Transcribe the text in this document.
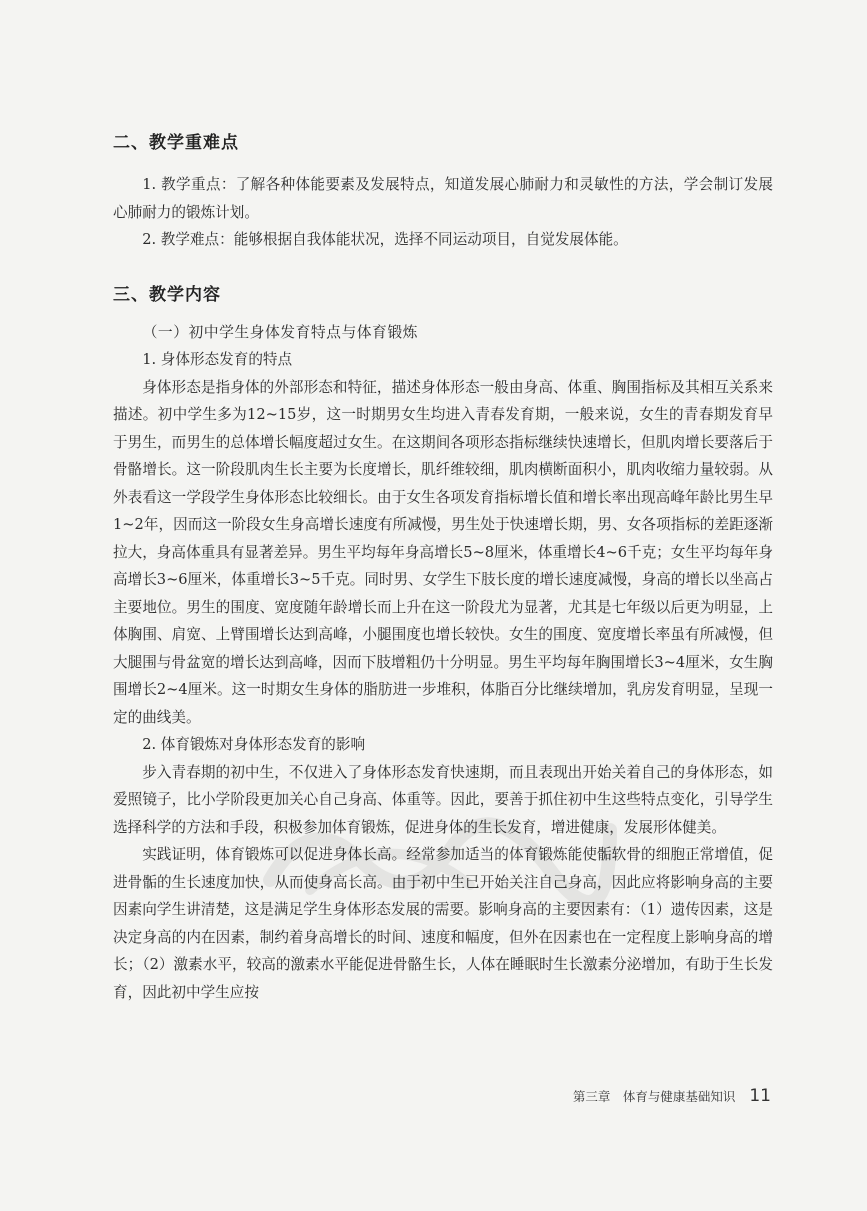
二、教学重难点

1. 教学重点：了解各种体能要素及发展特点，知道发展心肺耐力和灵敏性的方法，学会制订发展心肺耐力的锻炼计划。

2. 教学难点：能够根据自我体能状况，选择不同运动项目，自觉发展体能。

三、教学内容

（一）初中学生身体发育特点与体育锻炼

1. 身体形态发育的特点

身体形态是指身体的外部形态和特征，描述身体形态一般由身高、体重、胸围指标及其相互关系来描述。初中学生多为12~15岁，这一时期男女生均进入青春发育期，一般来说，女生的青春期发育早于男生，而男生的总体增长幅度超过女生。在这期间各项形态指标继续快速增长，但肌肉增长要落后于骨骼增长。这一阶段肌肉生长主要为长度增长，肌纤维较细，肌肉横断面积小，肌肉收缩力量较弱。从外表看这一学段学生身体形态比较细长。由于女生各项发育指标增长值和增长率出现高峰年龄比男生早1~2年，因而这一阶段女生身高增长速度有所减慢，男生处于快速增长期，男、女各项指标的差距逐渐拉大，身高体重具有显著差异。男生平均每年身高增长5~8厘米，体重增长4~6千克；女生平均每年身高增长3~6厘米，体重增长3~5千克。同时男、女学生下肢长度的增长速度减慢，身高的增长以坐高占主要地位。男生的围度、宽度随年龄增长而上升在这一阶段尤为显著，尤其是七年级以后更为明显，上体胸围、肩宽、上臂围增长达到高峰，小腿围度也增长较快。女生的围度、宽度增长率虽有所减慢，但大腿围与骨盆宽的增长达到高峰，因而下肢增粗仍十分明显。男生平均每年胸围增长3~4厘米，女生胸围增长2~4厘米。这一时期女生身体的脂肪进一步堆积，体脂百分比继续增加，乳房发育明显，呈现一定的曲线美。

2. 体育锻炼对身体形态发育的影响

步入青春期的初中生，不仅进入了身体形态发育快速期，而且表现出开始关着自己的身体形态，如爱照镜子，比小学阶段更加关心自己身高、体重等。因此，要善于抓住初中生这些特点变化，引导学生选择科学的方法和手段，积极参加体育锻炼，促进身体的生长发育，增进健康，发展形体健美。

实践证明，体育锻炼可以促进身体长高。经常参加适当的体育锻炼能使骺软骨的细胞正常增值，促进骨骺的生长速度加快，从而使身高长高。由于初中生已开始关注自己身高，因此应将影响身高的主要因素向学生讲清楚，这是满足学生身体形态发展的需要。影响身高的主要因素有：（1）遗传因素，这是决定身高的内在因素，制约着身高增长的时间、速度和幅度，但外在因素也在一定程度上影响身高的增长；（2）激素水平，较高的激素水平能促进骨骼生长，人体在睡眠时生长激素分泌增加，有助于生长发育，因此初中学生应按

第三章　体育与健康基础知识 11
